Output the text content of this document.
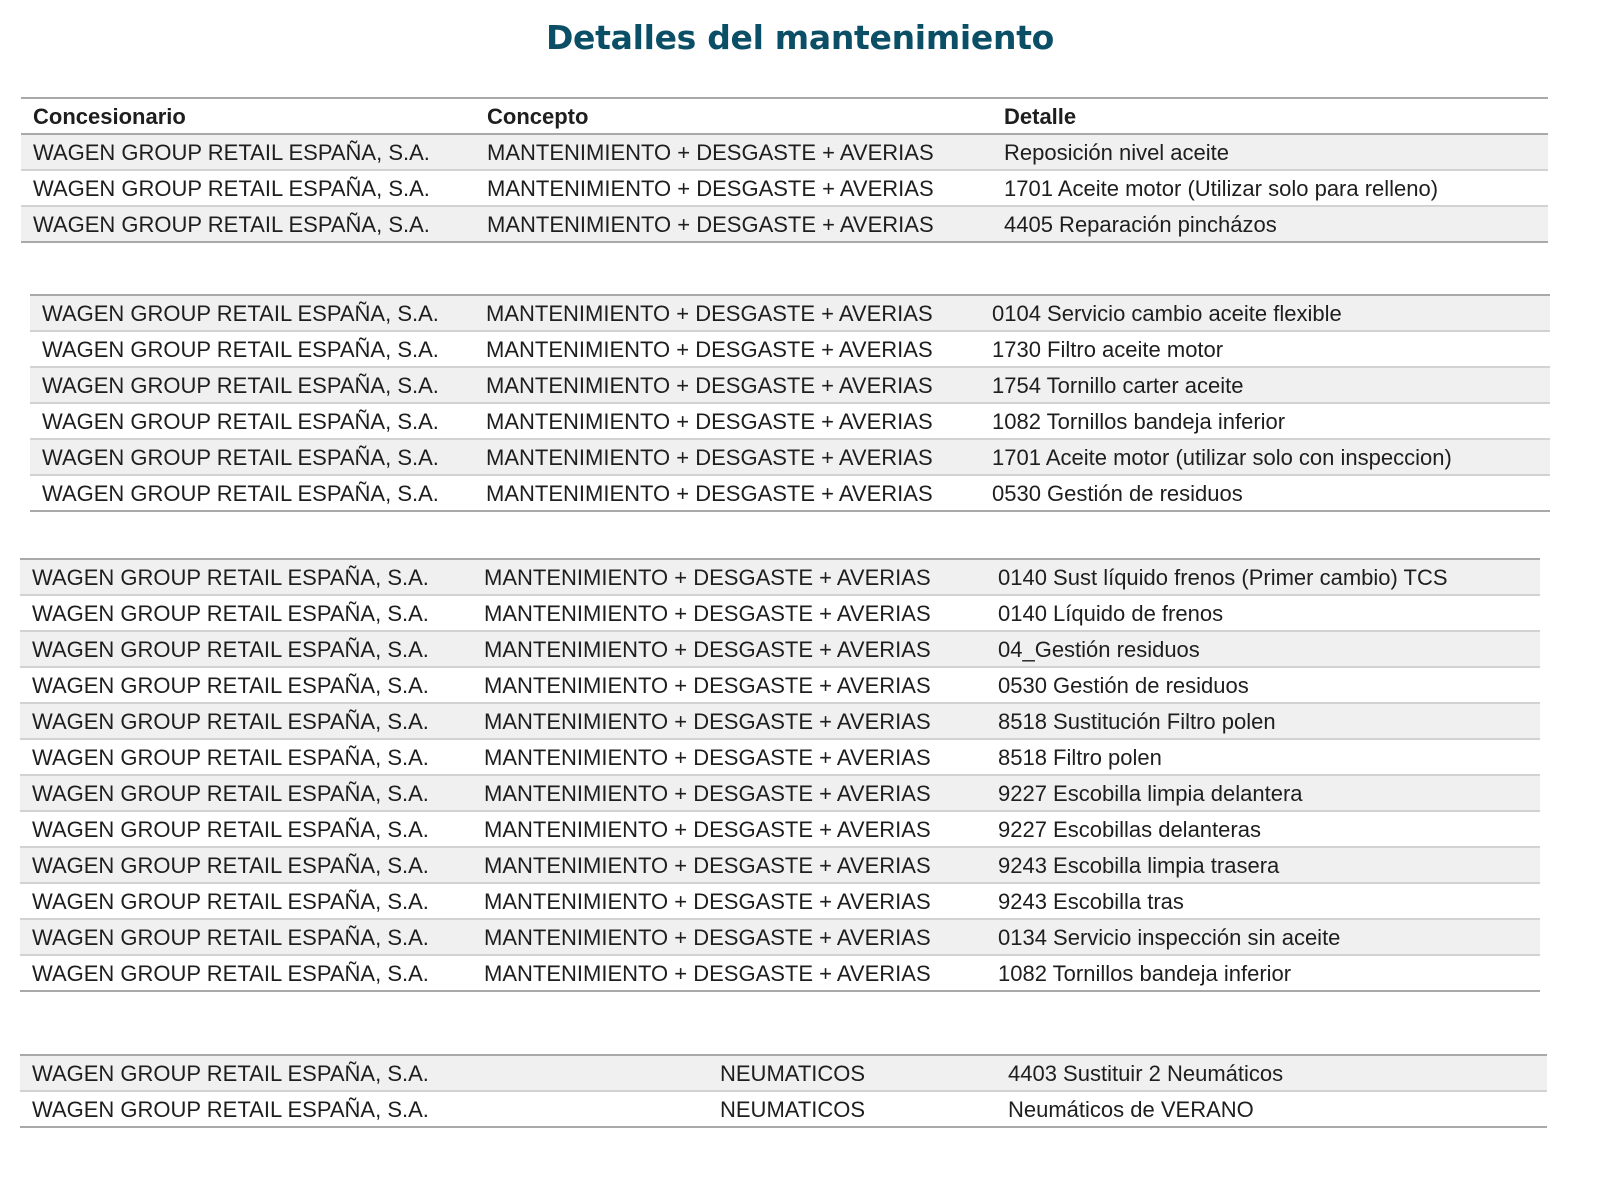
Detalles del mantenimiento
Concesionario	Concepto	Detalle
WAGEN GROUP RETAIL ESPAÑA, S.A.	MANTENIMIENTO + DESGASTE + AVERIAS	Reposición nivel aceite
WAGEN GROUP RETAIL ESPAÑA, S.A.	MANTENIMIENTO + DESGASTE + AVERIAS	1701 Aceite motor (Utilizar solo para relleno)
WAGEN GROUP RETAIL ESPAÑA, S.A.	MANTENIMIENTO + DESGASTE + AVERIAS	4405 Reparación pincházos
WAGEN GROUP RETAIL ESPAÑA, S.A. MANTENIMIENTO + DESGASTE + AVERIAS	0104 Servicio cambio aceite flexible
WAGEN GROUP RETAIL ESPAÑA, S.A. MANTENIMIENTO + DESGASTE + AVERIAS	1730 Filtro aceite motor
WAGEN GROUP RETAIL ESPAÑA, S.A. MANTENIMIENTO + DESGASTE + AVERIAS	1754 Tornillo carter aceite
WAGEN GROUP RETAIL ESPAÑA, S.A. MANTENIMIENTO + DESGASTE + AVERIAS	1082 Tornillos bandeja inferior
WAGEN GROUP RETAIL ESPAÑA, S.A. MANTENIMIENTO + DESGASTE + AVERIAS	1701 Aceite motor (utilizar solo con inspeccion)
WAGEN GROUP RETAIL ESPAÑA, S.A. MANTENIMIENTO + DESGASTE + AVERIAS	0530 Gestión de residuos
WAGEN GROUP RETAIL ESPAÑA, S.A.	MANTENIMIENTO + DESGASTE + AVERIAS	0140 Sust líquido frenos (Primer cambio) TCS
WAGEN GROUP RETAIL ESPAÑA, S.A.	MANTENIMIENTO + DESGASTE + AVERIAS	0140 Líquido de frenos
WAGEN GROUP RETAIL ESPAÑA, S.A.	MANTENIMIENTO + DESGASTE + AVERIAS	04_Gestión residuos
WAGEN GROUP RETAIL ESPAÑA, S.A.	MANTENIMIENTO + DESGASTE + AVERIAS	0530 Gestión de residuos
WAGEN GROUP RETAIL ESPAÑA, S.A.	MANTENIMIENTO + DESGASTE + AVERIAS	8518 Sustitución Filtro polen
WAGEN GROUP RETAIL ESPAÑA, S.A.	MANTENIMIENTO + DESGASTE + AVERIAS	8518 Filtro polen
WAGEN GROUP RETAIL ESPAÑA, S.A.	MANTENIMIENTO + DESGASTE + AVERIAS	9227 Escobilla limpia delantera
WAGEN GROUP RETAIL ESPAÑA, S.A.	MANTENIMIENTO + DESGASTE + AVERIAS	9227 Escobillas delanteras
WAGEN GROUP RETAIL ESPAÑA, S.A.	MANTENIMIENTO + DESGASTE + AVERIAS	9243 Escobilla limpia trasera
WAGEN GROUP RETAIL ESPAÑA, S.A.	MANTENIMIENTO + DESGASTE + AVERIAS	9243 Escobilla tras
WAGEN GROUP RETAIL ESPAÑA, S.A.	MANTENIMIENTO + DESGASTE + AVERIAS	0134 Servicio inspección sin aceite
WAGEN GROUP RETAIL ESPAÑA, S.A.	MANTENIMIENTO + DESGASTE + AVERIAS	1082 Tornillos bandeja inferior
WAGEN GROUP RETAIL ESPAÑA, S.A.	NEUMATICOS	4403 Sustituir 2 Neumáticos
WAGEN GROUP RETAIL ESPAÑA, S.A.	NEUMATICOS	Neumáticos de VERANO
